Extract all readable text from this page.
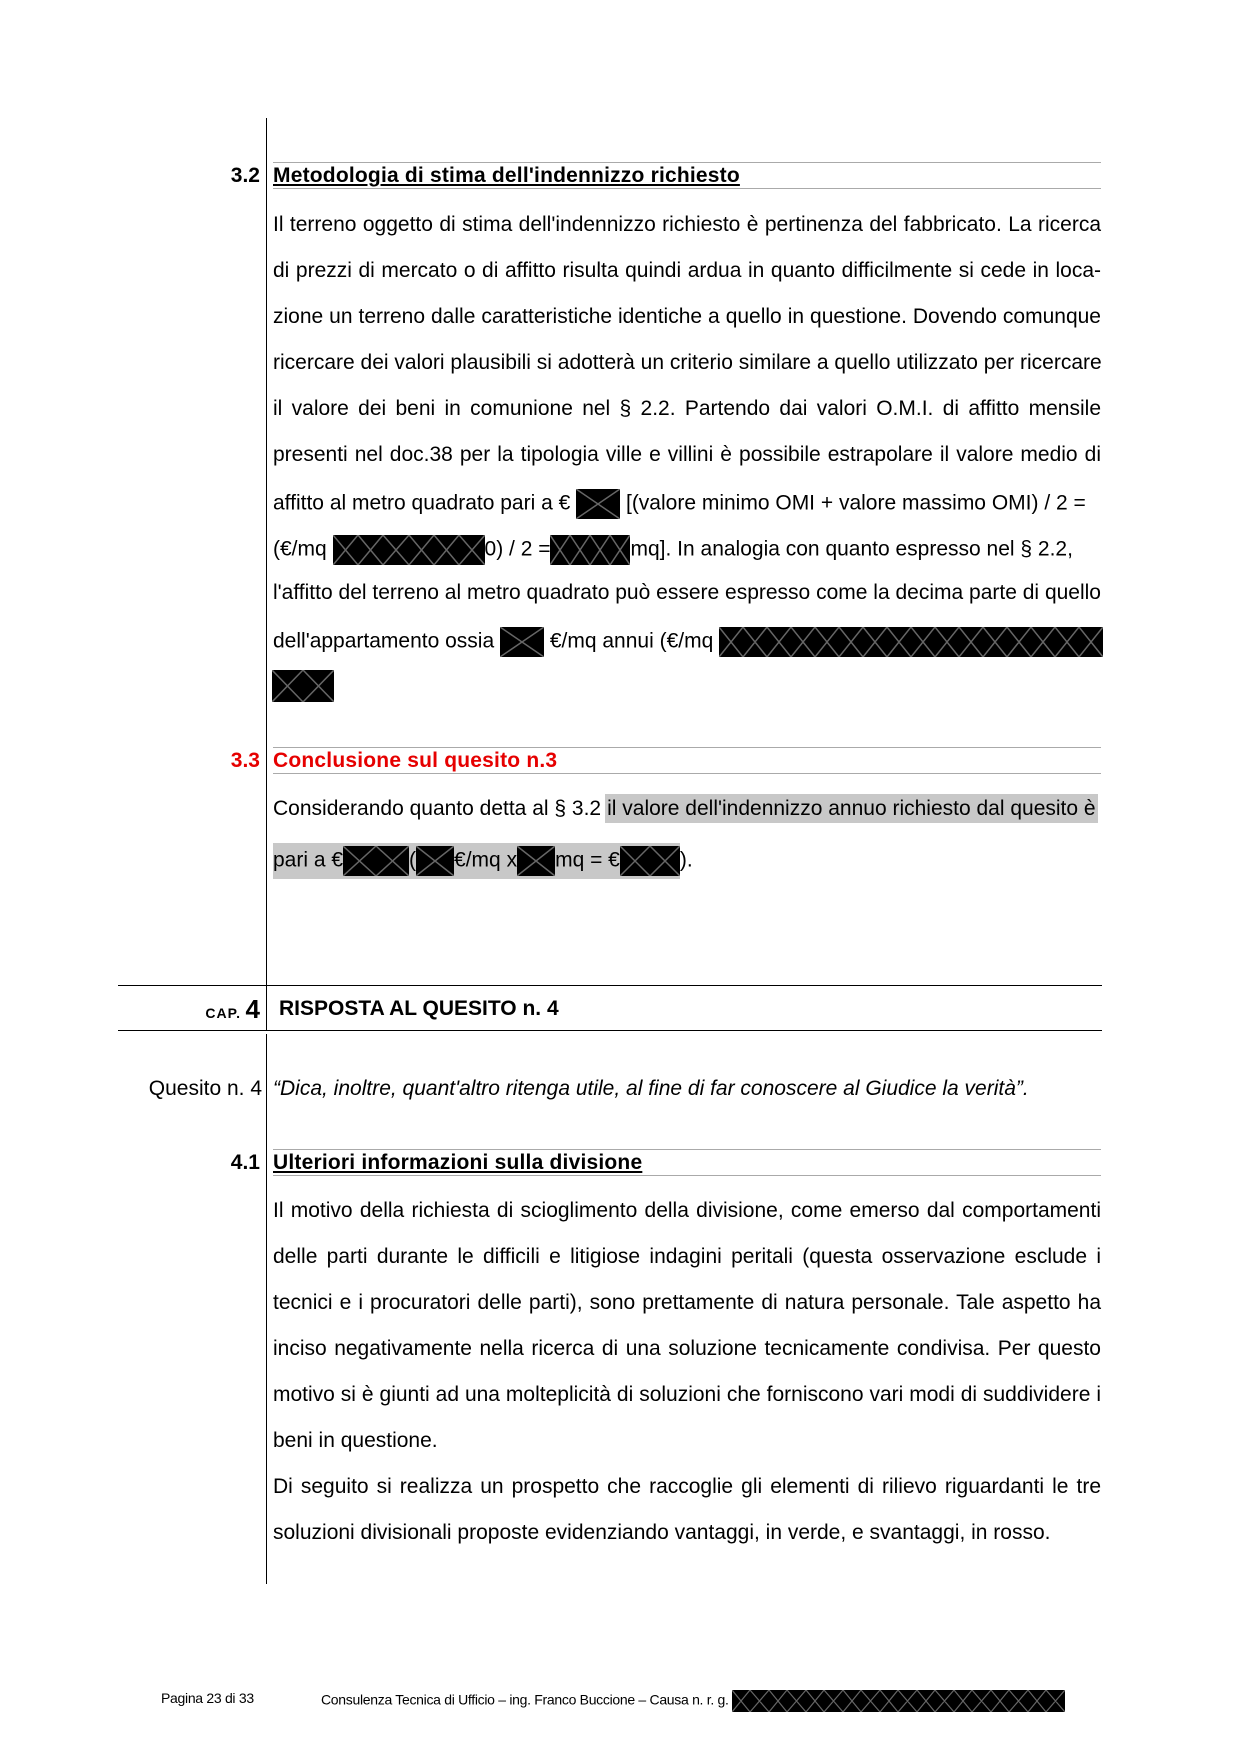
3.2 Metodologia di stima dell'indennizzo richiesto
Il terreno oggetto di stima dell'indennizzo richiesto è pertinenza del fabbricato. La ricerca
di prezzi di mercato o di affitto risulta quindi ardua in quanto difficilmente si cede in loca-
zione un terreno dalle caratteristiche identiche a quello in questione. Dovendo comunque
ricercare dei valori plausibili si adotterà un criterio similare a quello utilizzato per ricercare
il valore dei beni in comunione nel § 2.2. Partendo dai valori O.M.I. di affitto mensile
presenti nel doc.38 per la tipologia ville e villini è possibile estrapolare il valore medio di
affitto al metro quadrato pari a €	[(valore minimo OMI + valore massimo OMI) / 2 =
(€/mq	0) / 2 =	mq]. In analogia con quanto espresso nel § 2.2,
l'affitto del terreno al metro quadrato può essere espresso come la decima parte di quello
dell'appartamento ossia	€/mq annui (€/mq
3.3 Conclusione sul quesito n.3
Considerando quanto detta al § 3.2 il valore dell'indennizzo annuo richiesto dal quesito è
pari a €	( €/mq x mq = €	).
CAP. 4 RISPOSTA AL QUESITO n. 4
Quesito n. 4 “Dica, inoltre, quant'altro ritenga utile, al fine di far conoscere al Giudice la verità”.
4.1 Ulteriori informazioni sulla divisione
Il motivo della richiesta di scioglimento della divisione, come emerso dal comportamenti
delle parti durante le difficili e litigiose indagini peritali (questa osservazione esclude i
tecnici e i procuratori delle parti), sono prettamente di natura personale. Tale aspetto ha
inciso negativamente nella ricerca di una soluzione tecnicamente condivisa. Per questo
motivo si è giunti ad una molteplicità di soluzioni che forniscono vari modi di suddividere i
beni in questione.
Di seguito si realizza un prospetto che raccoglie gli elementi di rilievo riguardanti le tre
soluzioni divisionali proposte evidenziando vantaggi, in verde, e svantaggi, in rosso.
Pagina 23 di 33	Consulenza Tecnica di Ufficio – ing. Franco Buccione – Causa n. r. g.
